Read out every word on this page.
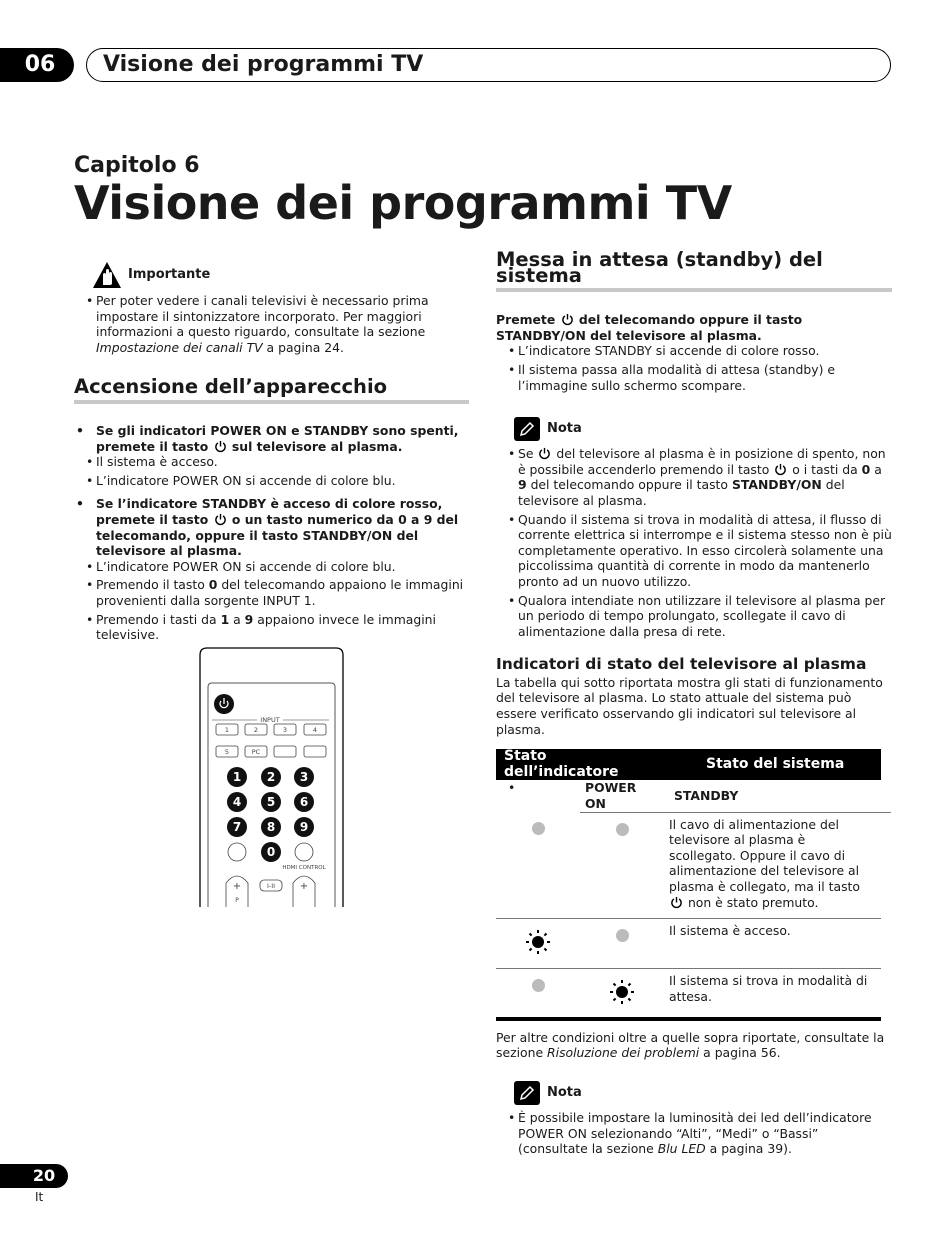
06	Visione dei programmi TV
Capitolo 6
Visione dei programmi TV
Importante
• Per poter vedere i canali televisivi è necessario prima impostare il sintonizzatore incorporato. Per maggiori informazioni a questo riguardo, consultate la sezione Impostazione dei canali TV a pagina 24.
Accensione dell’apparecchio
• Se gli indicatori POWER ON e STANDBY sono spenti, premete il tasto
sul televisore al plasma.
• Il sistema è acceso.
• L’indicatore POWER ON si accende di colore blu.
• Se l’indicatore STANDBY è acceso di colore rosso, premete il tasto
o un tasto numerico da 0 a 9 del telecomando, oppure il tasto STANDBY/ON del televisore al plasma.
• L’indicatore POWER ON si accende di colore blu.
• Premendo il tasto 0 del telecomando appaiono le immagini provenienti dalla sorgente INPUT 1.
• Premendo i tasti da 1 a 9 appaiono invece le immagini televisive.
INPUT
1	2	3	4
5	PC
1 2 3
4 5 6
7 8 9
0
HDMI CONTROL
+
P
I-II +
Messa in attesa (standby) del sistema
Premete
del telecomando oppure il tasto STANDBY/ON del televisore al plasma.
• L’indicatore STANDBY si accende di colore rosso.
• Il sistema passa alla modalità di attesa (standby) e l’immagine sullo schermo scompare.
Nota
• Se
del televisore al plasma è in posizione di spento, non è possibile accenderlo premendo il tasto
o i tasti da 0 a 9 del telecomando oppure il tasto STANDBY/ON del televisore al plasma.
• Quando il sistema si trova in modalità di attesa, il flusso di corrente elettrica si interrompe e il sistema stesso non è più completamente operativo. In esso circolerà solamente una piccolissima quantità di corrente in modo da mantenerlo pronto ad un nuovo utilizzo.
• Qualora intendiate non utilizzare il televisore al plasma per un periodo di tempo prolungato, scollegate il cavo di alimentazione dalla presa di rete.
Indicatori di stato del televisore al plasma
La tabella qui sotto riportata mostra gli stati di funzionamento del televisore al plasma. Lo stato attuale del sistema può essere verificato osservando gli indicatori sul televisore al plasma.
Stato dell’indicatore	Stato del sistema
• POWER ON	STANDBY	
		Il cavo di alimentazione del televisore al plasma è scollegato. Oppure il cavo di alimentazione del televisore al plasma è collegato, ma il tasto
non è stato premuto.
		Il sistema è acceso.
		Il sistema si trova in modalità di attesa.
Per altre condizioni oltre a quelle sopra riportate, consultate la sezione Risoluzione dei problemi a pagina 56.
Nota
• È possibile impostare la luminosità dei led dell’indicatore POWER ON selezionando “Alti”, “Medi” o “Bassi” (consultate la sezione Blu LED a pagina 39).
20
It
